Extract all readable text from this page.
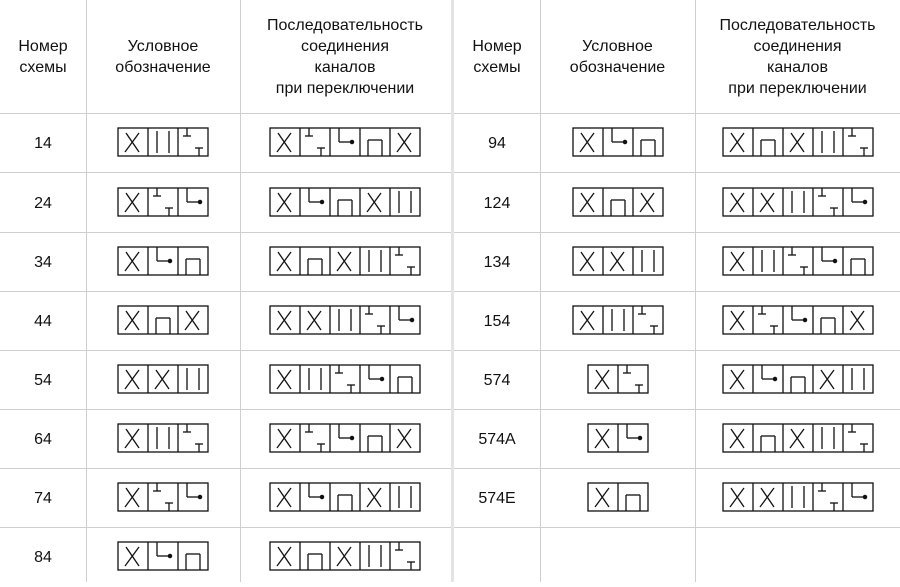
Номер
схемы
Условное
обозначение
Последовательность
соединения
каналов
при переключении
Номер
схемы
Условное
обозначение
Последовательность
соединения
каналов
при переключении
14
24
34
44
54
64
74
84
94
124
134
154
574
574A
574E
